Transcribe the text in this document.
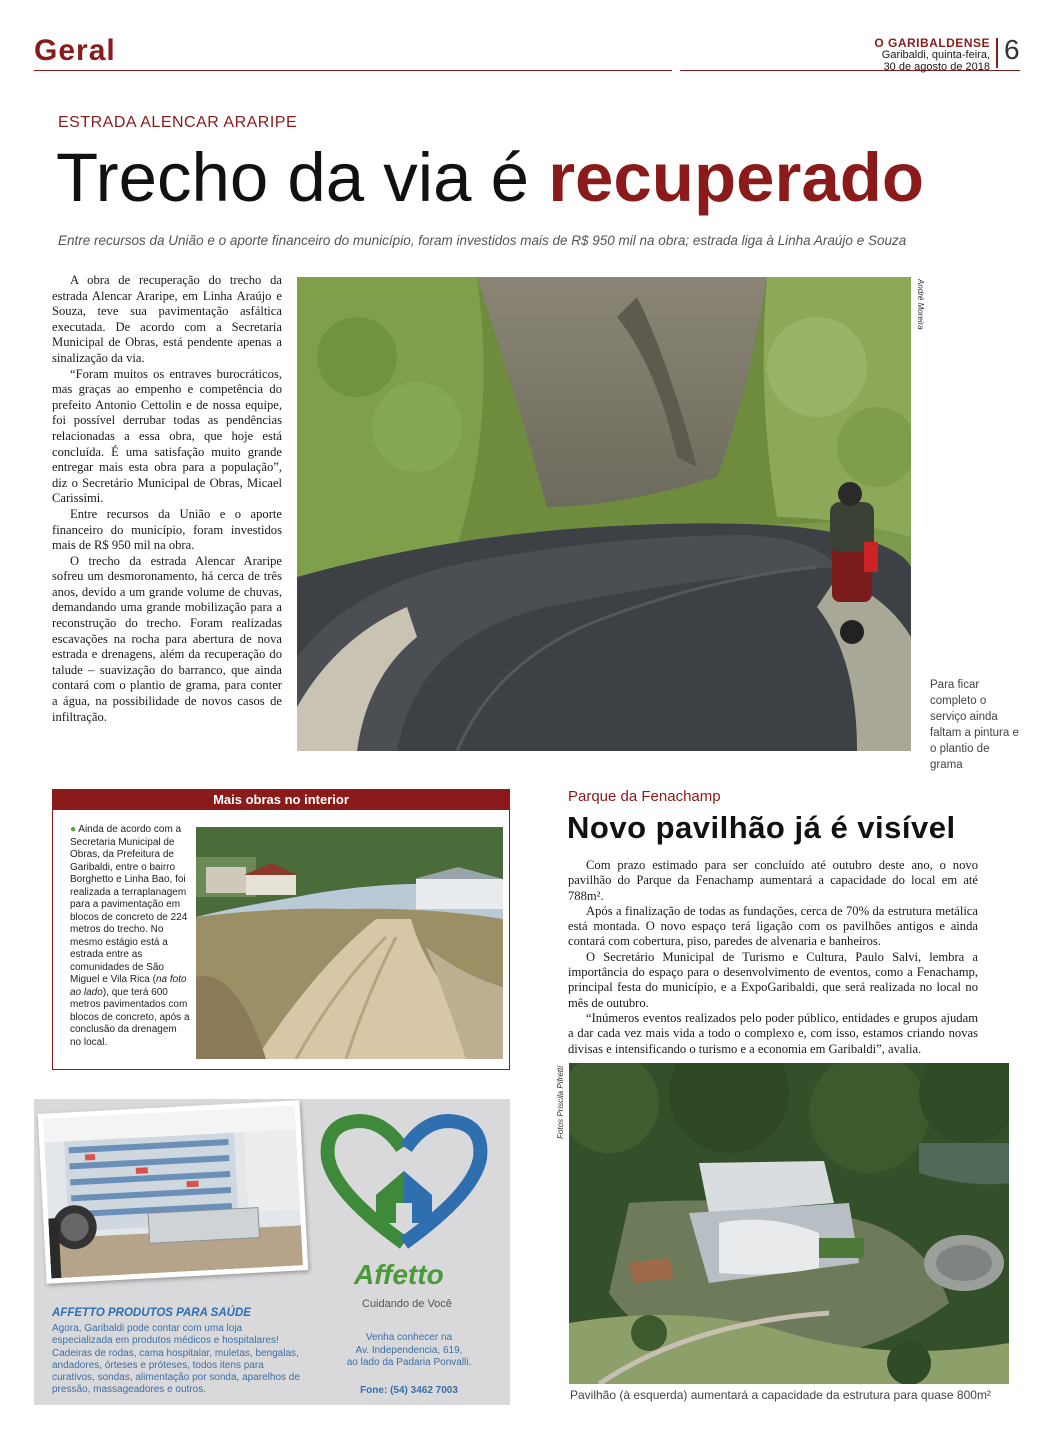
Geral	O GARIBALDENSE
Garibaldi, quinta-feira,
30 de agosto de 2018
6
ESTRADA ALENCAR ARARIPE
Trecho da via é recuperado
Entre recursos da União e o aporte financeiro do município, foram investidos mais de R$ 950 mil na obra; estrada liga à Linha Araújo e Souza

A obra de recuperação do trecho da estrada Alencar Araripe, em Linha Araújo e Souza, teve sua pavimentação asfáltica executada. De acordo com a Secretaria Municipal de Obras, está pendente apenas a sinalização da via.

“Foram muitos os entraves burocráticos, mas graças ao empenho e competência do prefeito Antonio Cettolin e de nossa equipe, foi possível derrubar todas as pendências relacionadas a essa obra, que hoje está concluída. É uma satisfação muito grande entregar mais esta obra para a população”, diz o Secretário Municipal de Obras, Micael Carissimi.

Entre recursos da União e o aporte financeiro do município, foram investidos mais de R$ 950 mil na obra.

O trecho da estrada Alencar Araripe sofreu um desmoronamento, há cerca de três anos, devido a um grande volume de chuvas, demandando uma grande mobilização para a reconstrução do trecho. Foram realizadas escavações na rocha para abertura de nova estrada e drenagens, além da recuperação do talude – suavização do barranco, que ainda contará com o plantio de grama, para conter a água, na possibilidade de novos casos de infiltração.

André Moreira
Para ficar completo o serviço ainda faltam a pintura e o plantio de grama
Mais obras no interior
● Ainda de acordo com a Secretaria Municipal de Obras, da Prefeitura de Garibaldi, entre o bairro Borghetto e Linha Bao, foi realizada a terraplanagem para a pavimentação em blocos de concreto de 224 metros do trecho. No mesmo estágio está a estrada entre as comunidades de São Miguel e Vila Rica (na foto ao lado), que terá 600 metros pavimentados com blocos de concreto, após a conclusão da drenagem no local.
Parque da Fenachamp
Novo pavilhão já é visível

Com prazo estimado para ser concluído até outubro deste ano, o novo pavilhão do Parque da Fenachamp aumentará a capacidade do local em até 788m².

Após a finalização de todas as fundações, cerca de 70% da estrutura metálica está montada. O novo espaço terá ligação com os pavilhões antigos e ainda contará com cobertura, piso, paredes de alvenaria e banheiros.

O Secretário Municipal de Turismo e Cultura, Paulo Salvi, lembra a importância do espaço para o desenvolvimento de eventos, como a Fenachamp, principal festa do município, e a ExpoGaribaldi, que será realizada no local no mês de outubro.

“Inúmeros eventos realizados pelo poder público, entidades e grupos ajudam a dar cada vez mais vida a todo o complexo e, com isso, estamos criando novas divisas e intensificando o turismo e a economia em Garibaldi”, avalia.

Fotos Priscila Pifretti
Pavilhão (à esquerda) aumentará a capacidade da estrutura para quase 800m²
AFFETTO PRODUTOS PARA SAÚDE
Agora, Garibaldi pode contar com uma loja especializada em produtos médicos e hospitalares! Cadeiras de rodas, cama hospitalar, muletas, bengalas, andadores, órteses e próteses, todos itens para curativos, sondas, alimentação por sonda, aparelhos de pressão, massageadores e outros.
Affetto
Cuidando de Você
Venha conhecer na
Av. Independencia, 619,
ao lado da Padaria Ponvalli.
Fone: (54) 3462 7003
